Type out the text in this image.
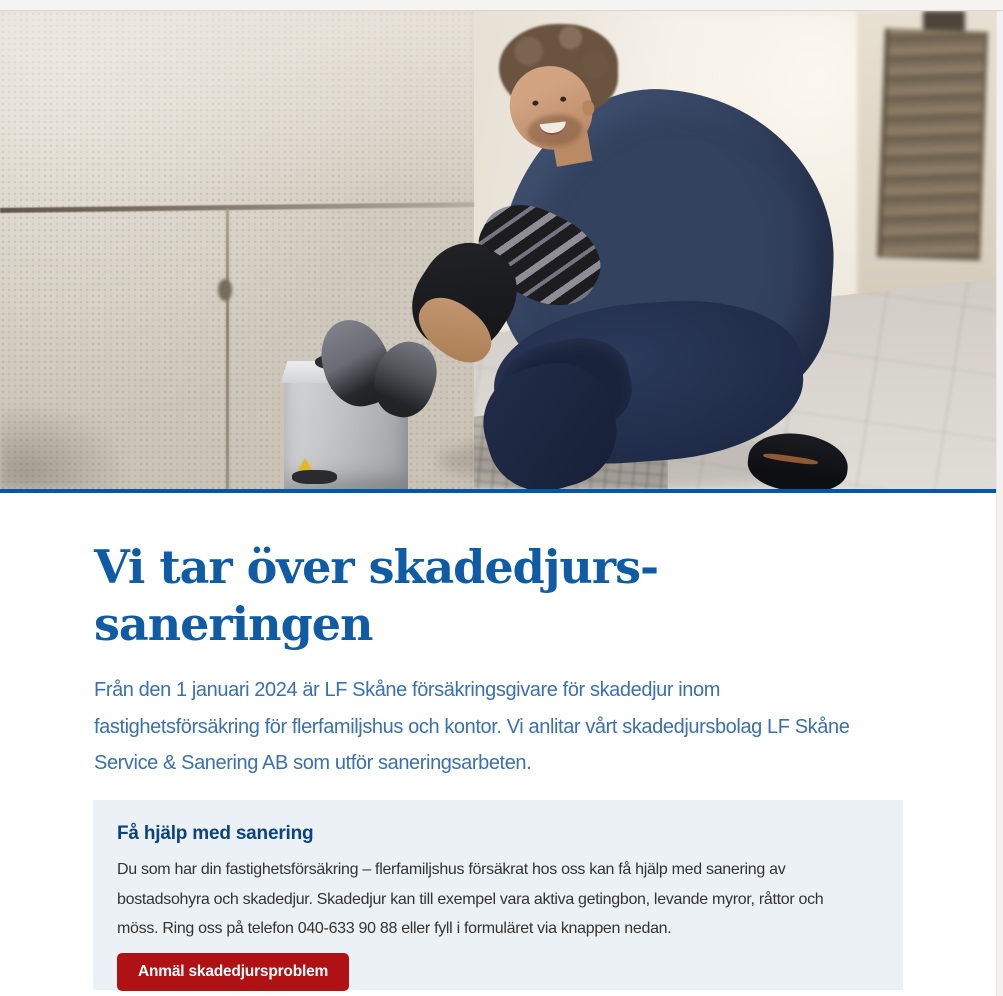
Vi tar över skadedjurs-
saneringen

Från den 1 januari 2024 är LF Skåne försäkringsgivare för skadedjur inom
fastighetsförsäkring för flerfamiljshus och kontor. Vi anlitar vårt skadedjursbolag LF Skåne
Service & Sanering AB som utför saneringsarbeten.

Få hjälp med sanering

Du som har din fastighetsförsäkring – flerfamiljshus försäkrat hos oss kan få hjälp med sanering av
bostadsohyra och skadedjur. Skadedjur kan till exempel vara aktiva getingbon, levande myror, råttor och
möss. Ring oss på telefon 040-633 90 88 eller fyll i formuläret via knappen nedan.

Anmäl skadedjursproblem
